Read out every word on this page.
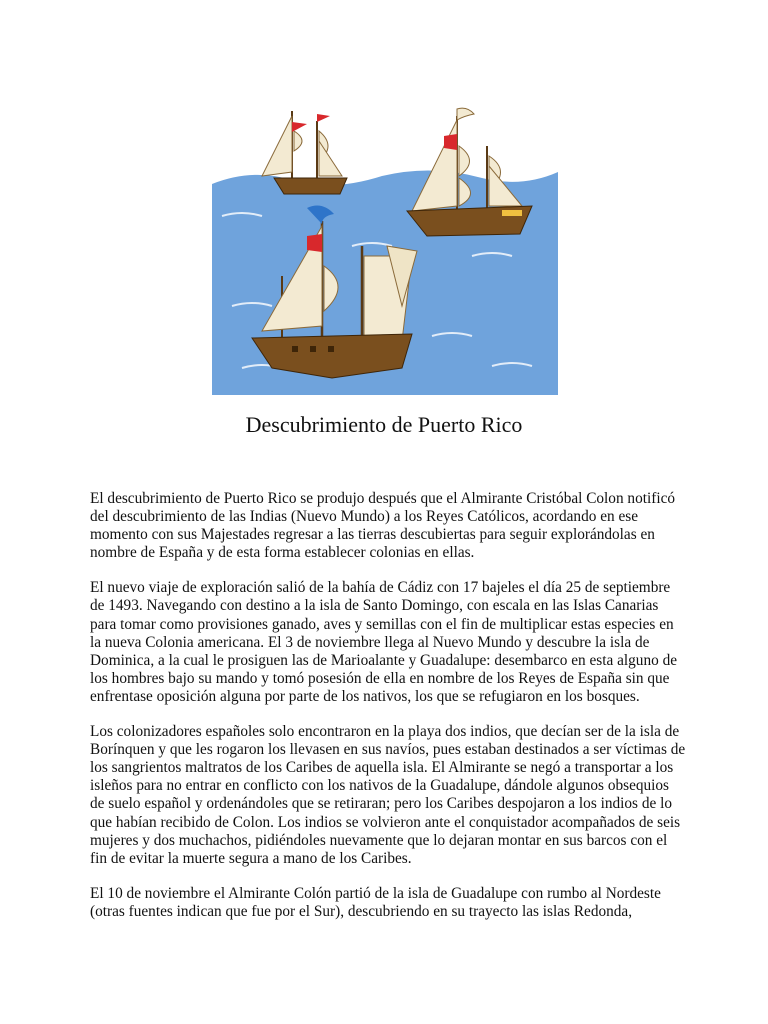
Descubrimiento de Puerto Rico

El descubrimiento de Puerto Rico se produjo después que el Almirante Cristóbal Colon notificó
del descubrimiento de las Indias (Nuevo Mundo) a los Reyes Católicos, acordando en ese
momento con sus Majestades regresar a las tierras descubiertas para seguir explorándolas en
nombre de España y de esta forma establecer colonias en ellas.

El nuevo viaje de exploración salió de la bahía de Cádiz con 17 bajeles el día 25 de septiembre
de 1493. Navegando con destino a la isla de Santo Domingo, con escala en las Islas Canarias
para tomar como provisiones ganado, aves y semillas con el fin de multiplicar estas especies en
la nueva Colonia americana. El 3 de noviembre llega al Nuevo Mundo y descubre la isla de
Dominica, a la cual le prosiguen las de Marioalante y Guadalupe: desembarco en esta alguno de
los hombres bajo su mando y tomó posesión de ella en nombre de los Reyes de España sin que
enfrentase oposición alguna por parte de los nativos, los que se refugiaron en los bosques.

Los colonizadores españoles solo encontraron en la playa dos indios, que decían ser de la isla de
Borínquen y que les rogaron los llevasen en sus navíos, pues estaban destinados a ser víctimas de
los sangrientos maltratos de los Caribes de aquella isla. El Almirante se negó a transportar a los
isleños para no entrar en conflicto con los nativos de la Guadalupe, dándole algunos obsequios
de suelo español y ordenándoles que se retiraran; pero los Caribes despojaron a los indios de lo
que habían recibido de Colon. Los indios se volvieron ante el conquistador acompañados de seis
mujeres y dos muchachos, pidiéndoles nuevamente que lo dejaran montar en sus barcos con el
fin de evitar la muerte segura a mano de los Caribes.

El 10 de noviembre el Almirante Colón partió de la isla de Guadalupe con rumbo al Nordeste
(otras fuentes indican que fue por el Sur), descubriendo en su trayecto las islas Redonda,
